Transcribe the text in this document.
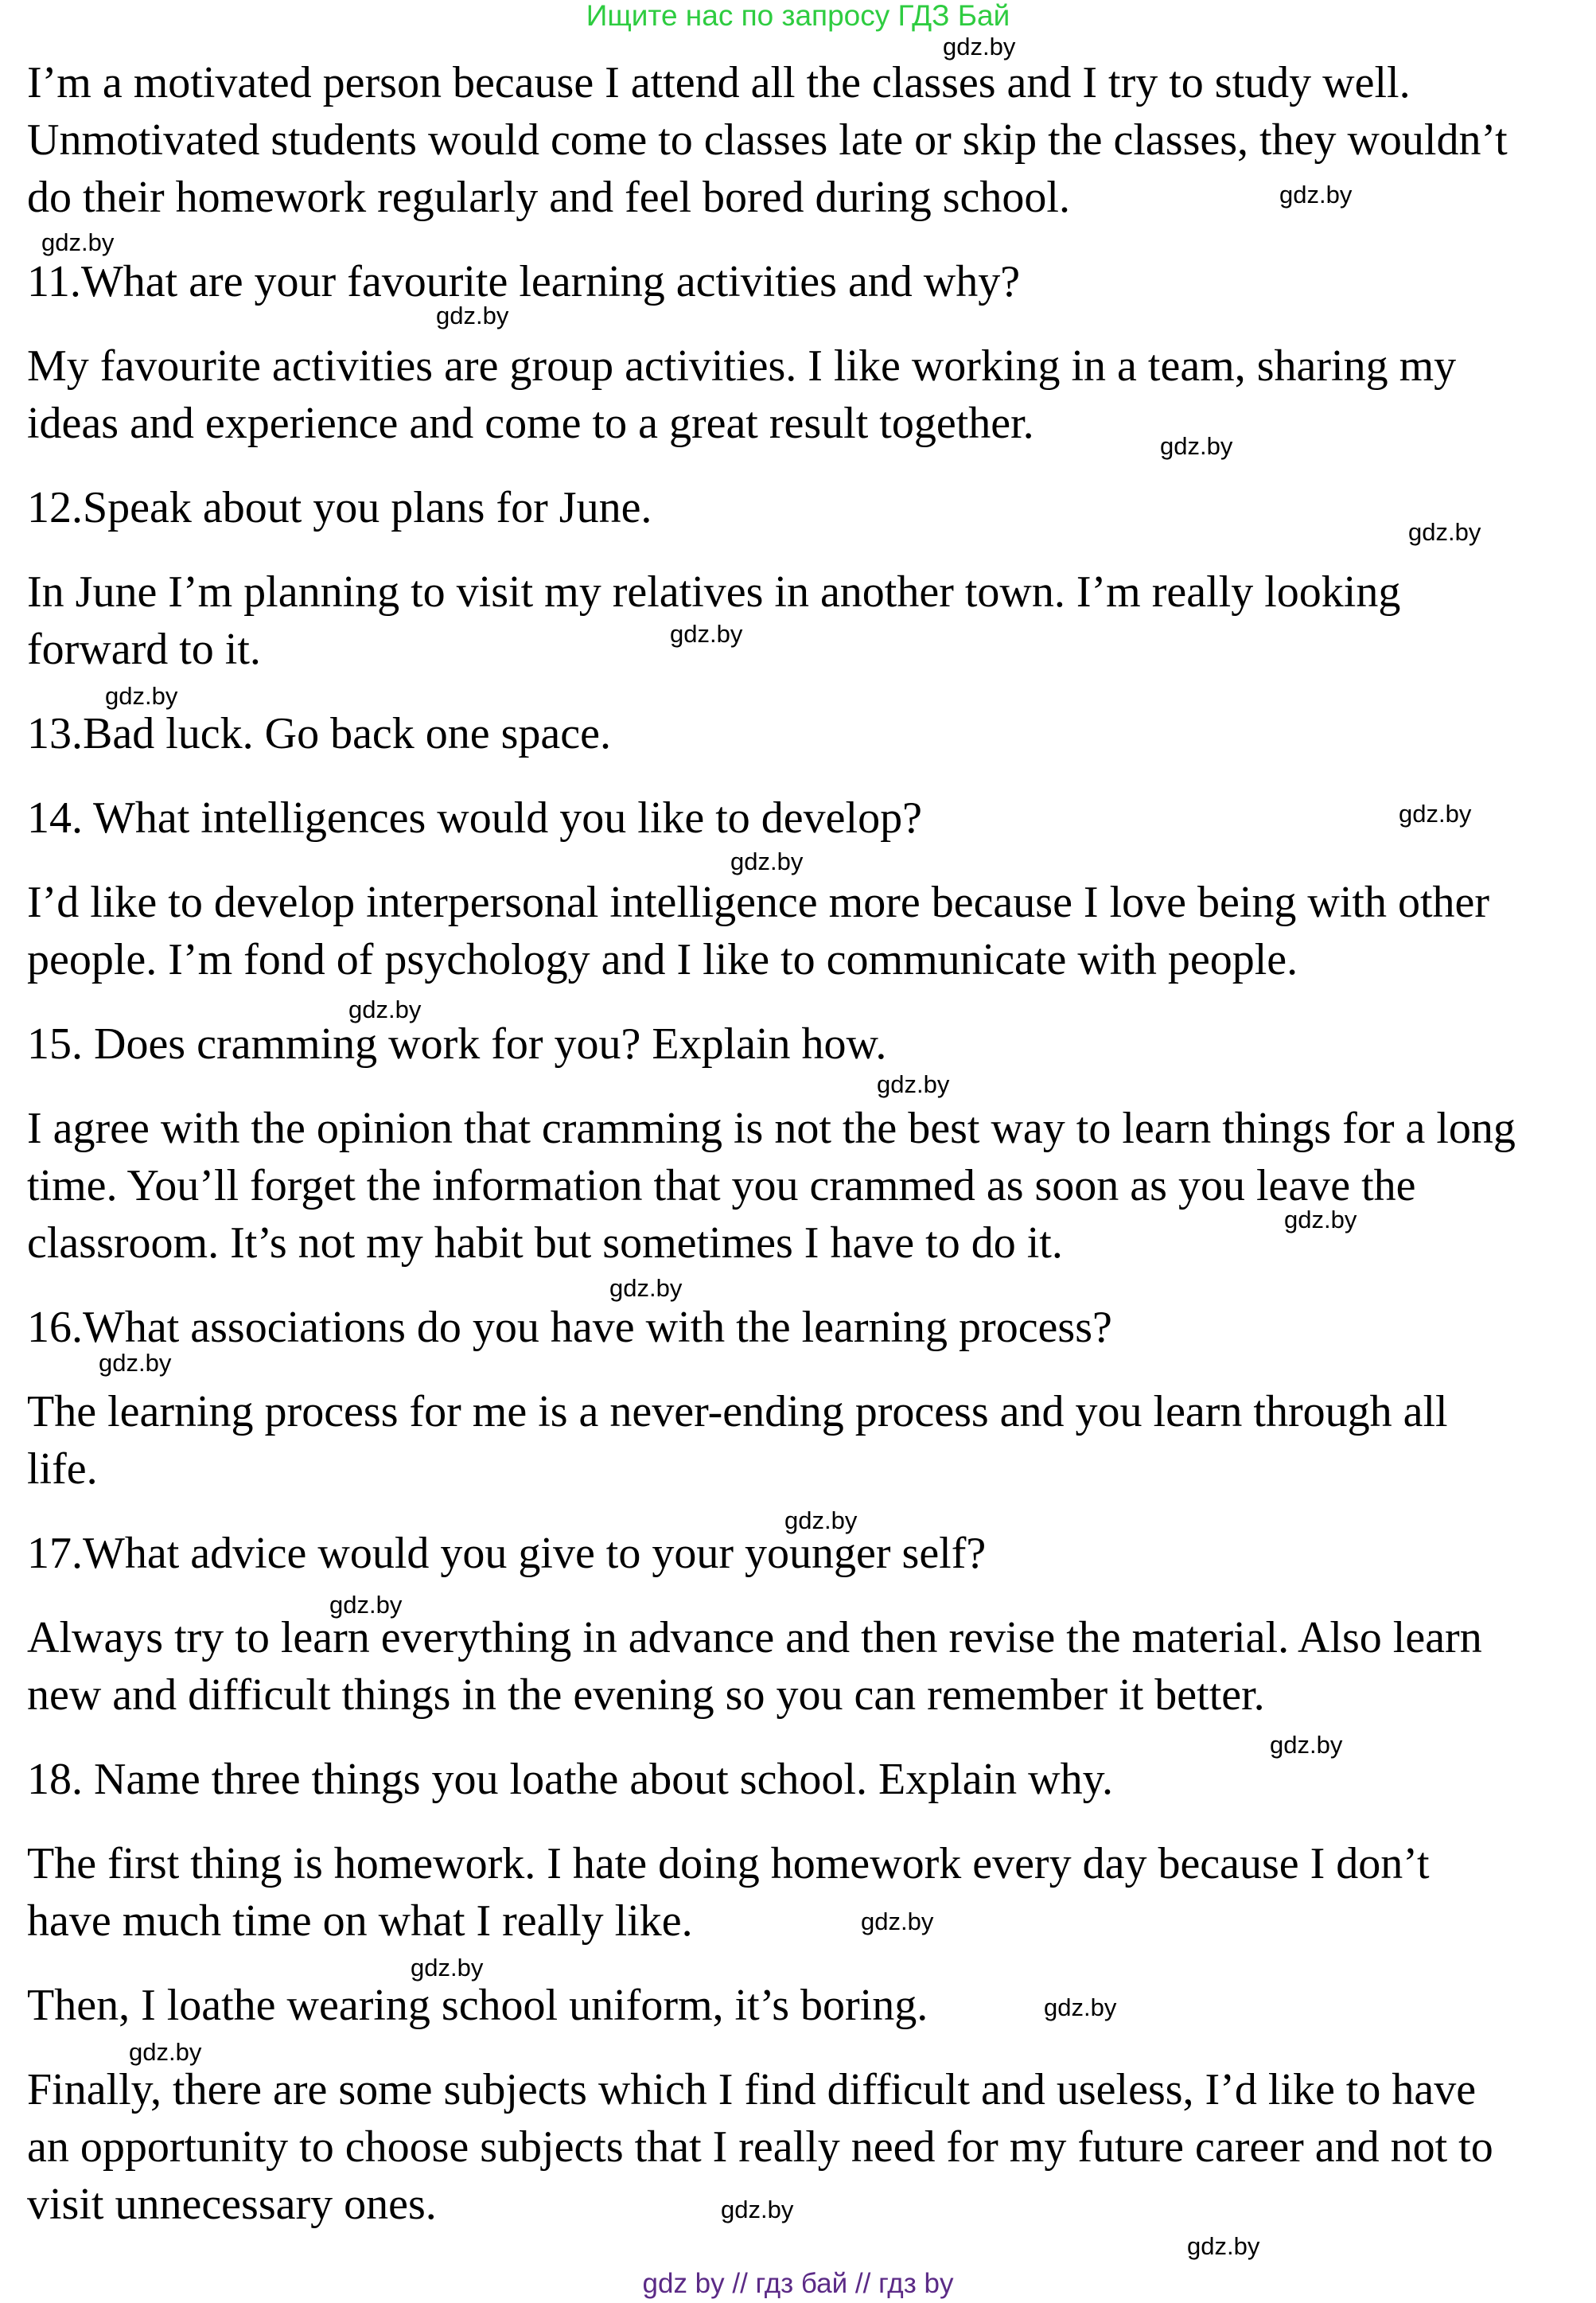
Ищите нас по запросу ГДЗ Бай

I’m a motivated person because I attend all the classes and I try to study well.

Unmotivated students would come to classes late or skip the classes, they wouldn’t

do their homework regularly and feel bored during school.

11.What are your favourite learning activities and why?

My favourite activities are group activities. I like working in a team, sharing my

ideas and experience and come to a great result together.

12.Speak about you plans for June.

In June I’m planning to visit my relatives in another town. I’m really looking

forward to it.

13.Bad luck. Go back one space.

14. What intelligences would you like to develop?

I’d like to develop interpersonal intelligence more because I love being with other

people. I’m fond of psychology and I like to communicate with people.

15. Does cramming work for you? Explain how.

I agree with the opinion that cramming is not the best way to learn things for a long

time. You’ll forget the information that you crammed as soon as you leave the

classroom. It’s not my habit but sometimes I have to do it.

16.What associations do you have with the learning process?

The learning process for me is a never-ending process and you learn through all

life.

17.What advice would you give to your younger self?

Always try to learn everything in advance and then revise the material. Also learn

new and difficult things in the evening so you can remember it better.

18. Name three things you loathe about school. Explain why.

The first thing is homework. I hate doing homework every day because I don’t

have much time on what I really like.

Then, I loathe wearing school uniform, it’s boring.

Finally, there are some subjects which I find difficult and useless, I’d like to have

an opportunity to choose subjects that I really need for my future career and not to

visit unnecessary ones.

gdz.by
gdz.by
gdz.by
gdz.by
gdz.by
gdz.by
gdz.by
gdz.by
gdz.by
gdz.by
gdz.by
gdz.by
gdz.by
gdz.by
gdz.by
gdz.by
gdz.by
gdz.by
gdz.by
gdz.by
gdz.by
gdz.by
gdz.by
gdz.by
gdz by // гдз бай // гдз by
